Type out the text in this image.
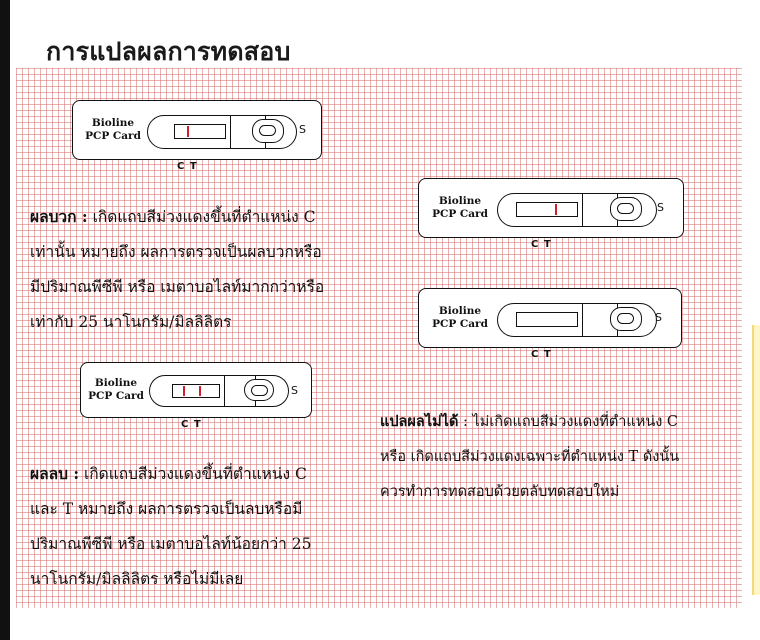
การแปลผลการทดสอบ
Bioline
PCP Card	S
C T
Bioline
PCP Card	S
C T
Bioline
PCP Card	S
C T
Bioline
PCP Card	S
C T

ผลบวก : เกิดแถบสีม่วงแดงขึ้นที่ตำแหน่ง C

เท่านั้น หมายถึง ผลการตรวจเป็นผลบวกหรือ

มีปริมาณพีซีพี หรือ เมตาบอไลท์มากกว่าหรือ

เท่ากับ 25 นาโนกรัม/มิลลิลิตร

ผลลบ : เกิดแถบสีม่วงแดงขึ้นที่ตำแหน่ง C

และ T หมายถึง ผลการตรวจเป็นลบหรือมี

ปริมาณพีซีพี หรือ เมตาบอไลท์น้อยกว่า 25

นาโนกรัม/มิลลิลิตร หรือไม่มีเลย

แปลผลไม่ได้ : ไม่เกิดแถบสีม่วงแดงที่ตำแหน่ง C

หรือ เกิดแถบสีม่วงแดงเฉพาะที่ตำแหน่ง T ดังนั้น

ควรทำการทดสอบด้วยตลับทดสอบใหม่
